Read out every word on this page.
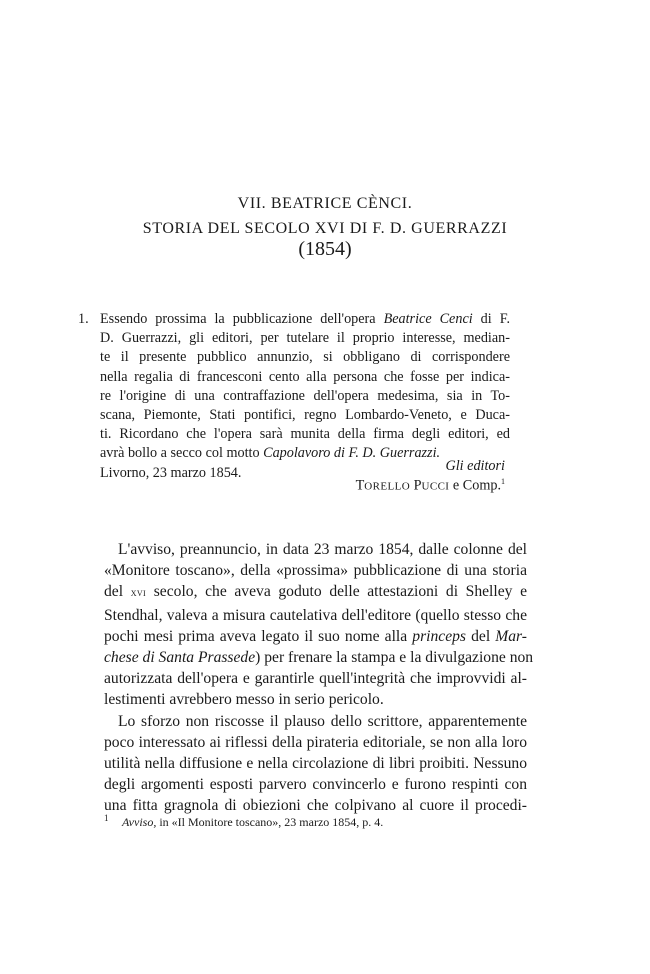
VII. BEATRICE CÈNCI.
STORIA DEL SECOLO XVI DI F. D. GUERRAZZI
(1854)
1. Essendo prossima la pubblicazione dell'opera Beatrice Cenci di F.
D. Guerrazzi, gli editori, per tutelare il proprio interesse, median-
te il presente pubblico annunzio, si obbligano di corrispondere
nella regalia di francesconi cento alla persona che fosse per indica-
re l'origine di una contraffazione dell'opera medesima, sia in To-
scana, Piemonte, Stati pontifici, regno Lombardo-Veneto, e Duca-
ti. Ricordano che l'opera sarà munita della firma degli editori, ed
avrà bollo a secco col motto Capolavoro di F. D. Guerrazzi.
Livorno, 23 marzo 1854.	Gli editori
TORELLO PUCCI e Comp.$^1$
L'avviso, preannuncio, in data 23 marzo 1854, dalle colonne del
«Monitore toscano», della «prossima» pubblicazione di una storia
del xvi secolo, che aveva goduto delle attestazioni di Shelley e
Stendhal, valeva a misura cautelativa dell'editore (quello stesso che
pochi mesi prima aveva legato il suo nome alla princeps del Mar-
chese di Santa Prassede) per frenare la stampa e la divulgazione non
autorizzata dell'opera e garantirle quell'integrità che improvvidi al-
lestimenti avrebbero messo in serio pericolo.
Lo sforzo non riscosse il plauso dello scrittore, apparentemente
poco interessato ai riflessi della pirateria editoriale, se non alla loro
utilità nella diffusione e nella circolazione di libri proibiti. Nessuno
degli argomenti esposti parvero convincerlo e furono respinti con
una fitta gragnola di obiezioni che colpivano al cuore il procedi-
1 Avviso, in «Il Monitore toscano», 23 marzo 1854, p. 4.
